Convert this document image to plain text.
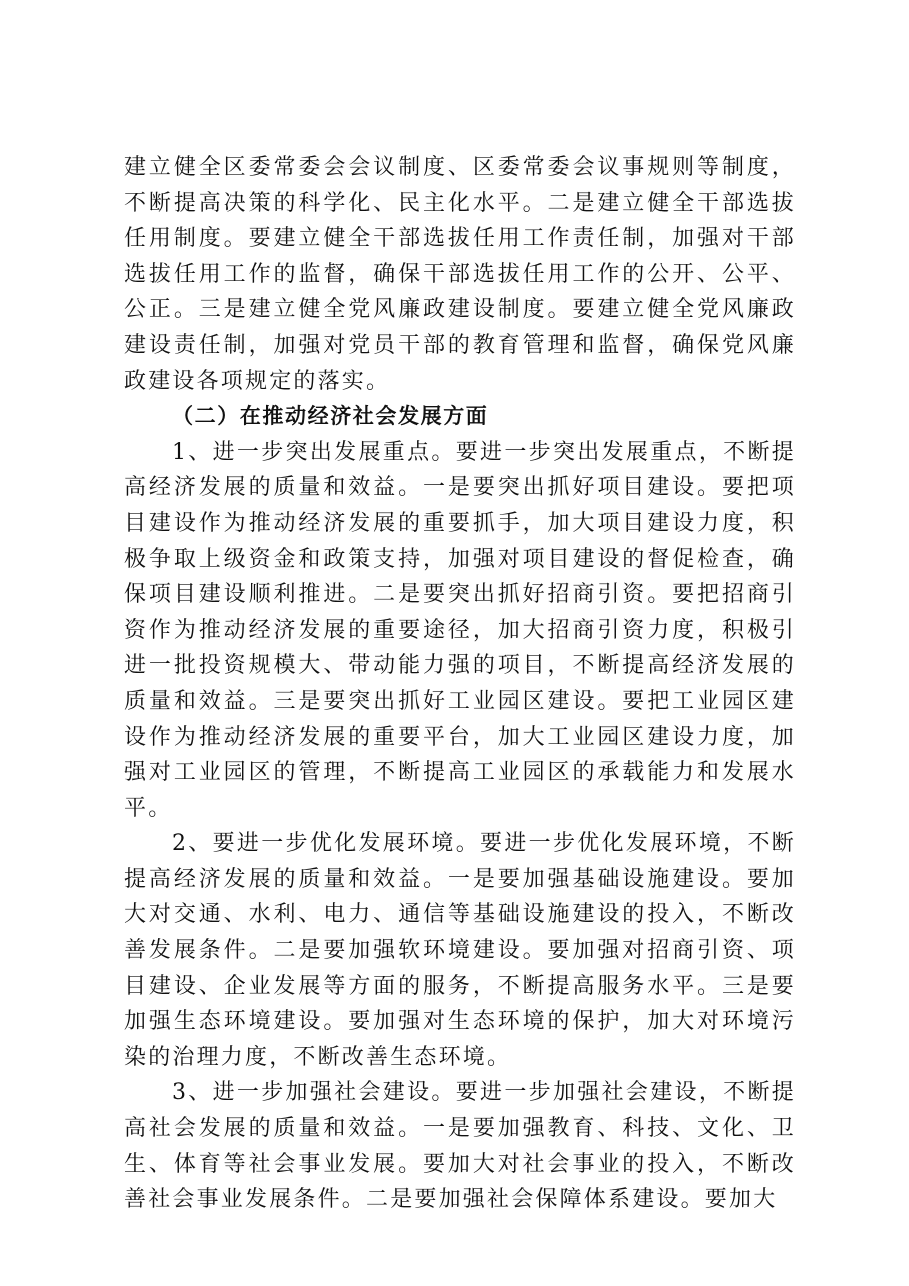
建立健全区委常委会会议制度、区委常委会议事规则等制度，不断提高决策的科学化、民主化水平。二是建立健全干部选拔任用制度。要建立健全干部选拔任用工作责任制，加强对干部选拔任用工作的监督，确保干部选拔任用工作的公开、公平、公正。三是建立健全党风廉政建设制度。要建立健全党风廉政建设责任制，加强对党员干部的教育管理和监督，确保党风廉政建设各项规定的落实。

（二）在推动经济社会发展方面

1、进一步突出发展重点。要进一步突出发展重点，不断提高经济发展的质量和效益。一是要突出抓好项目建设。要把项目建设作为推动经济发展的重要抓手，加大项目建设力度，积极争取上级资金和政策支持，加强对项目建设的督促检查，确保项目建设顺利推进。二是要突出抓好招商引资。要把招商引资作为推动经济发展的重要途径，加大招商引资力度，积极引进一批投资规模大、带动能力强的项目，不断提高经济发展的质量和效益。三是要突出抓好工业园区建设。要把工业园区建设作为推动经济发展的重要平台，加大工业园区建设力度，加强对工业园区的管理，不断提高工业园区的承载能力和发展水平。

2、要进一步优化发展环境。要进一步优化发展环境，不断提高经济发展的质量和效益。一是要加强基础设施建设。要加大对交通、水利、电力、通信等基础设施建设的投入，不断改善发展条件。二是要加强软环境建设。要加强对招商引资、项目建设、企业发展等方面的服务，不断提高服务水平。三是要加强生态环境建设。要加强对生态环境的保护，加大对环境污染的治理力度，不断改善生态环境。

3、进一步加强社会建设。要进一步加强社会建设，不断提高社会发展的质量和效益。一是要加强教育、科技、文化、卫生、体育等社会事业发展。要加大对社会事业的投入，不断改善社会事业发展条件。二是要加强社会保障体系建设。要加大
